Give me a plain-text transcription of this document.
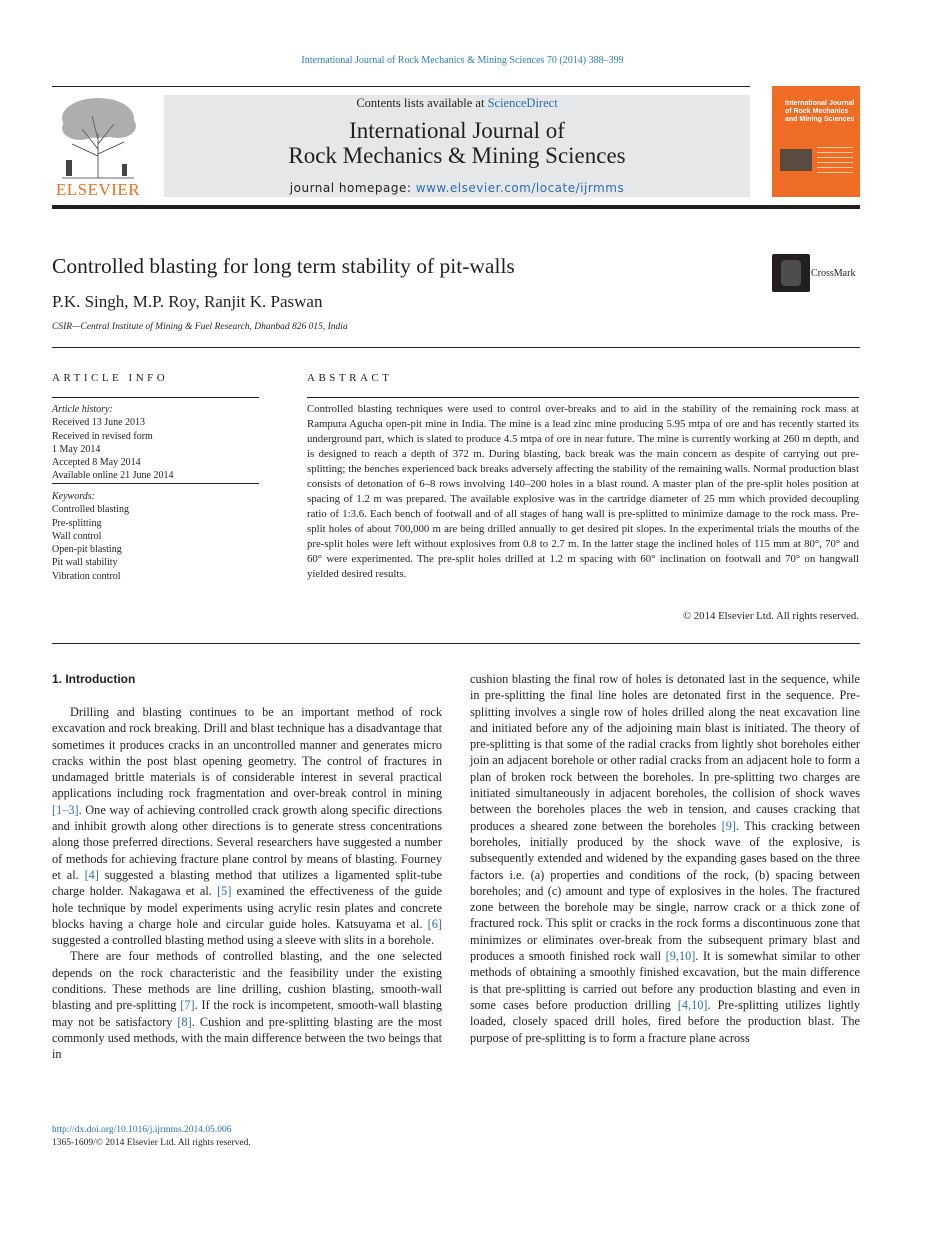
International Journal of Rock Mechanics & Mining Sciences 70 (2014) 388–399
ELSEVIER
Contents lists available at ScienceDirect
International Journal of
Rock Mechanics & Mining Sciences
journal homepage: www.elsevier.com/locate/ijrmms
International Journal of Rock Mechanics and Mining Sciences
Controlled blasting for long term stability of pit-walls	CrossMark
P.K. Singh, M.P. Roy, Ranjit K. Paswan
CSIR—Central Institute of Mining & Fuel Research, Dhanbad 826 015, India
ARTICLE INFO
Article history:
Received 13 June 2013
Received in revised form
1 May 2014
Accepted 8 May 2014
Available online 21 June 2014
Keywords:
Controlled blasting
Pre-splitting
Wall control
Open-pit blasting
Pit wall stability
Vibration control
ABSTRACT
Controlled blasting techniques were used to control over-breaks and to aid in the stability of the remaining rock mass at Rampura Agucha open-pit mine in India. The mine is a lead zinc mine producing 5.95 mtpa of ore and has recently started its underground part, which is slated to produce 4.5 mtpa of ore in near future. The mine is currently working at 260 m depth, and is designed to reach a depth of 372 m. During blasting, back break was the main concern as despite of carrying out pre-splitting; the benches experienced back breaks adversely affecting the stability of the remaining walls. Normal production blast consists of detonation of 6–8 rows involving 140–200 holes in a blast round. A master plan of the pre-split holes position at spacing of 1.2 m was prepared. The available explosive was in the cartridge diameter of 25 mm which provided decoupling ratio of 1:3.6. Each bench of footwall and of all stages of hang wall is pre-splitted to minimize damage to the rock mass. Pre-split holes of about 700,000 m are being drilled annually to get desired pit slopes. In the experimental trials the mouths of the pre-split holes were left without explosives from 0.8 to 2.7 m. In the latter stage the inclined holes of 115 mm at 80°, 70° and 60° were experimented. The pre-split holes drilled at 1.2 m spacing with 60° inclination on footwall and 70° on hangwall yielded desired results.
© 2014 Elsevier Ltd. All rights reserved.
1. Introduction

Drilling and blasting continues to be an important method of rock excavation and rock breaking. Drill and blast technique has a disadvantage that sometimes it produces cracks in an uncontrolled manner and generates micro cracks within the post blast opening geometry. The control of fractures in undamaged brittle materials is of considerable interest in several practical applications including rock fragmentation and over-break control in mining [1–3]. One way of achieving controlled crack growth along specific directions and inhibit growth along other directions is to generate stress concentrations along those preferred directions. Several researchers have suggested a number of methods for achieving fracture plane control by means of blasting. Fourney et al. [4] suggested a blasting method that utilizes a ligamented split-tube charge holder. Nakagawa et al. [5] examined the effectiveness of the guide hole technique by model experiments using acrylic resin plates and concrete blocks having a charge hole and circular guide holes. Katsuyama et al. [6] suggested a controlled blasting method using a sleeve with slits in a borehole.

There are four methods of controlled blasting, and the one selected depends on the rock characteristic and the feasibility under the existing conditions. These methods are line drilling, cushion blasting, smooth-wall blasting and pre-splitting [7]. If the rock is incompetent, smooth-wall blasting may not be satisfactory [8]. Cushion and pre-splitting blasting are the most commonly used methods, with the main difference between the two beings that in

cushion blasting the final row of holes is detonated last in the sequence, while in pre-splitting the final line holes are detonated first in the sequence. Pre-splitting involves a single row of holes drilled along the neat excavation line and initiated before any of the adjoining main blast is initiated. The theory of pre-splitting is that some of the radial cracks from lightly shot boreholes either join an adjacent borehole or other radial cracks from an adjacent hole to form a plan of broken rock between the boreholes. In pre-splitting two charges are initiated simultaneously in adjacent boreholes, the collision of shock waves between the boreholes places the web in tension, and causes cracking that produces a sheared zone between the boreholes [9]. This cracking between boreholes, initially produced by the shock wave of the explosive, is subsequently extended and widened by the expanding gases based on the three factors i.e. (a) properties and conditions of the rock, (b) spacing between boreholes; and (c) amount and type of explosives in the holes. The fractured zone between the borehole may be single, narrow crack or a thick zone of fractured rock. This split or cracks in the rock forms a discontinuous zone that minimizes or eliminates over-break from the subsequent primary blast and produces a smooth finished rock wall [9,10]. It is somewhat similar to other methods of obtaining a smoothly finished excavation, but the main difference is that pre-splitting is carried out before any production blasting and even in some cases before production drilling [4,10]. Pre-splitting utilizes lightly loaded, closely spaced drill holes, fired before the production blast. The purpose of pre-splitting is to form a fracture plane across

http://dx.doi.org/10.1016/j.ijrmms.2014.05.006
1365-1609/© 2014 Elsevier Ltd. All rights reserved.
